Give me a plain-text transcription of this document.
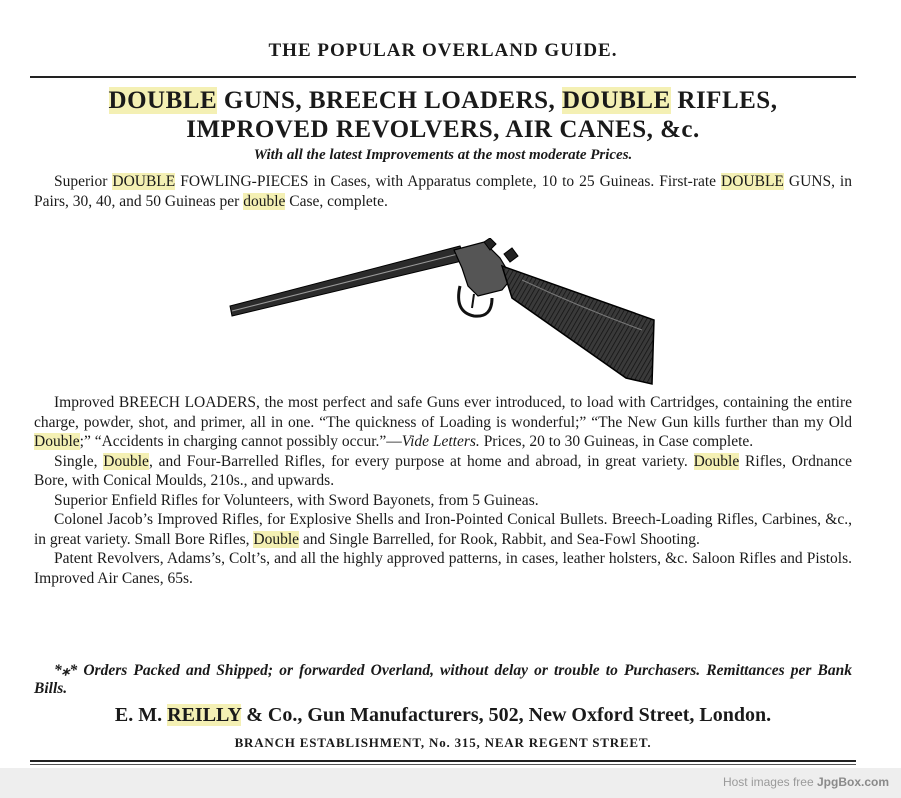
THE POPULAR OVERLAND GUIDE.
DOUBLE GUNS, BREECH LOADERS, DOUBLE RIFLES,
IMPROVED REVOLVERS, AIR CANES, &c.
With all the latest Improvements at the most moderate Prices.
Superior DOUBLE FOWLING-PIECES in Cases, with Apparatus complete, 10 to 25 Guineas. First-rate DOUBLE GUNS, in Pairs, 30, 40, and 50 Guineas per double Case, complete.

Improved BREECH LOADERS, the most perfect and safe Guns ever introduced, to load with Cartridges, containing the entire charge, powder, shot, and primer, all in one. “The quickness of Loading is wonderful;” “The New Gun kills further than my Old Double;” “Accidents in charging cannot possibly occur.”—Vide Letters. Prices, 20 to 30 Guineas, in Case complete.

Single, Double, and Four-Barrelled Rifles, for every purpose at home and abroad, in great variety. Double Rifles, Ordnance Bore, with Conical Moulds, 210s., and upwards.

Superior Enfield Rifles for Volunteers, with Sword Bayonets, from 5 Guineas.

Colonel Jacob’s Improved Rifles, for Explosive Shells and Iron-Pointed Conical Bullets. Breech-Loading Rifles, Carbines, &c., in great variety. Small Bore Rifles, Double and Single Barrelled, for Rook, Rabbit, and Sea-Fowl Shooting.

Patent Revolvers, Adams’s, Colt’s, and all the highly approved patterns, in cases, leather holsters, &c. Saloon Rifles and Pistols. Improved Air Canes, 65s.

*⁎* Orders Packed and Shipped; or forwarded Overland, without delay or trouble to Purchasers. Remittances per Bank Bills.
E. M. REILLY & Co., Gun Manufacturers, 502, New Oxford Street, London.
BRANCH ESTABLISHMENT, No. 315, NEAR REGENT STREET.
Host images free JpgBox.com
